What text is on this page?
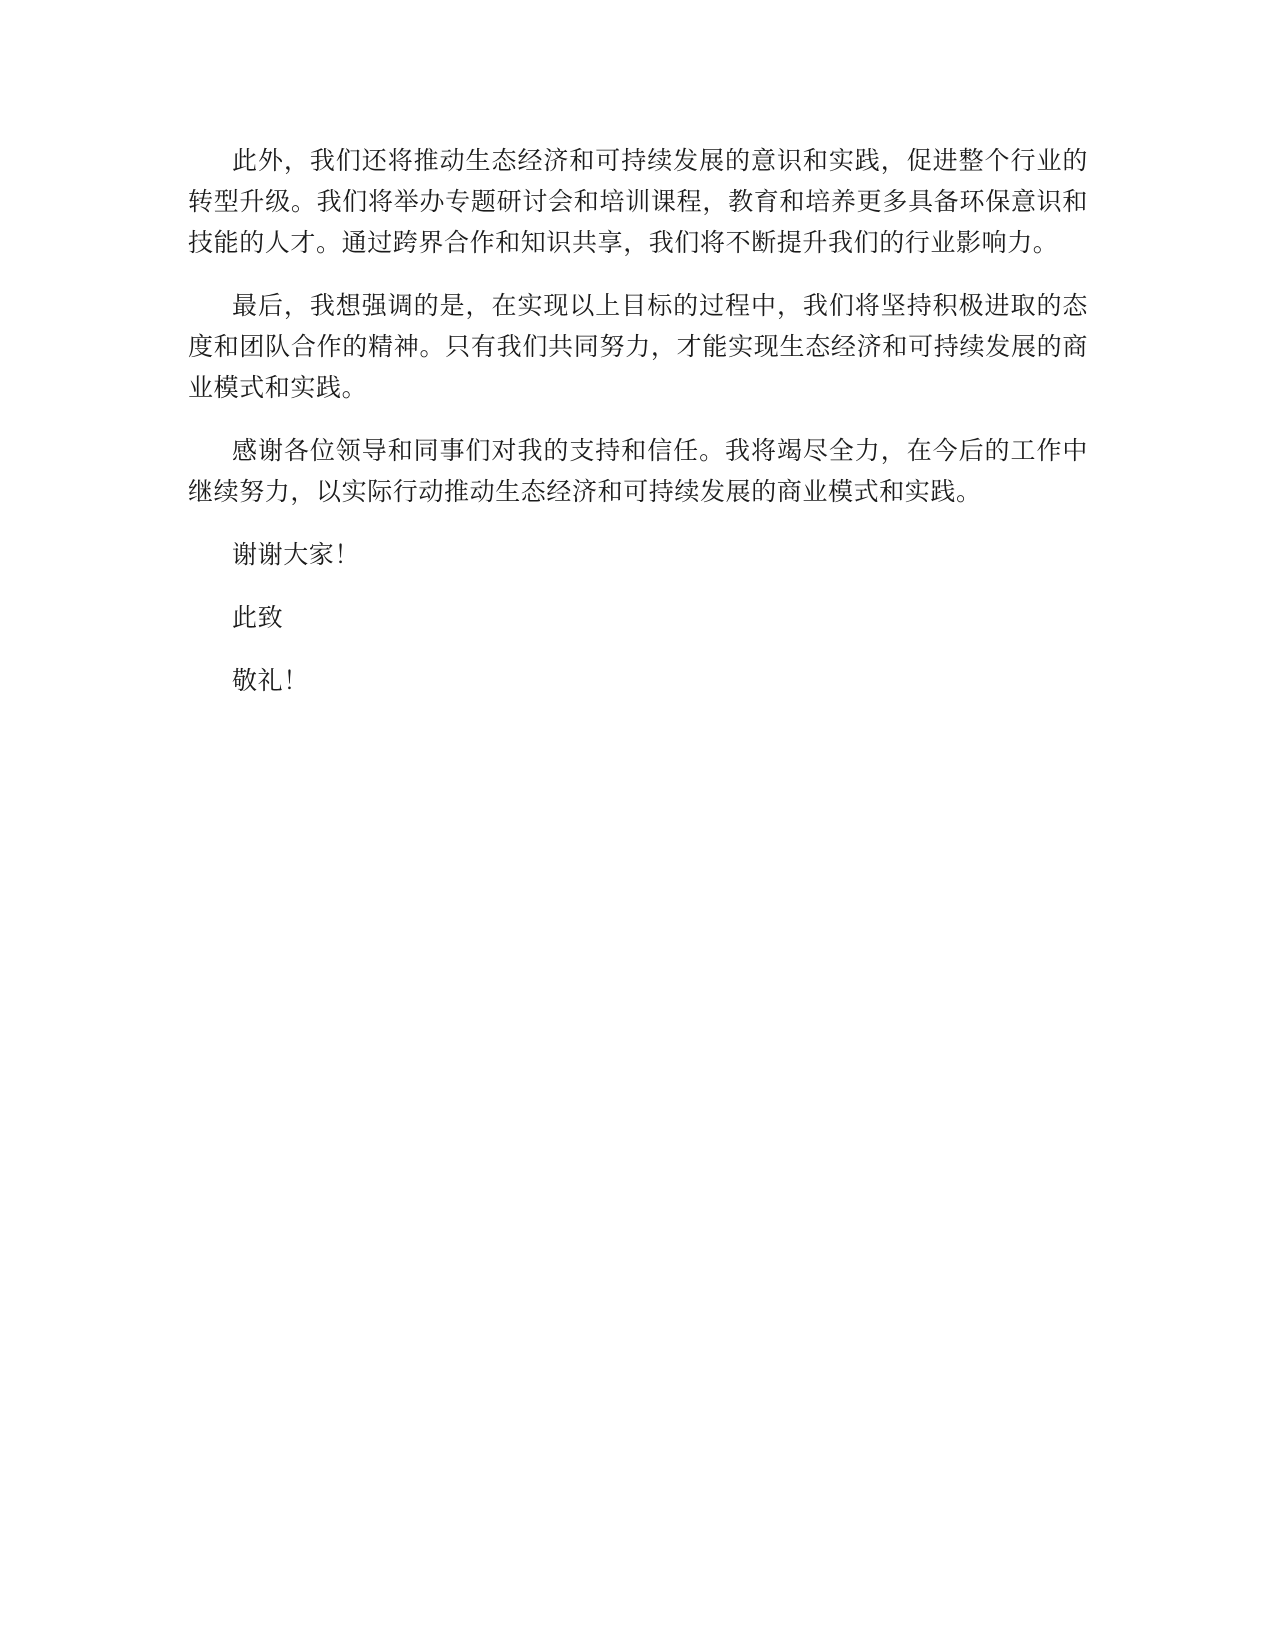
此外，我们还将推动生态经济和可持续发展的意识和实践，促进整个行业的转型升级。我们将举办专题研讨会和培训课程，教育和培养更多具备环保意识和技能的人才。通过跨界合作和知识共享，我们将不断提升我们的行业影响力。

最后，我想强调的是，在实现以上目标的过程中，我们将坚持积极进取的态度和团队合作的精神。只有我们共同努力，才能实现生态经济和可持续发展的商业模式和实践。

感谢各位领导和同事们对我的支持和信任。我将竭尽全力，在今后的工作中继续努力，以实际行动推动生态经济和可持续发展的商业模式和实践。

谢谢大家！

此致

敬礼！
